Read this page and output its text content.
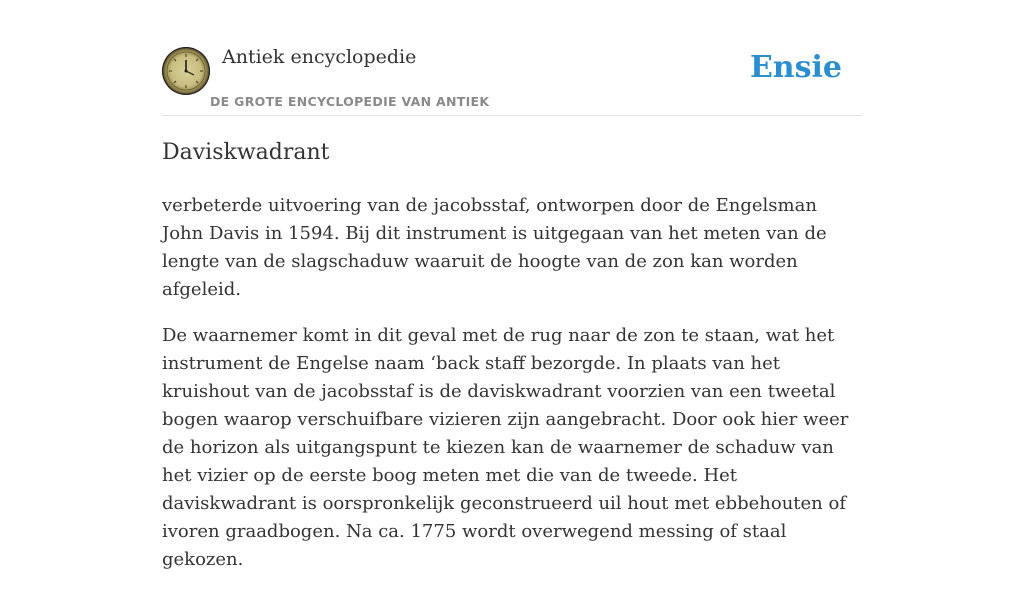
Antiek encyclopedie
DE GROTE ENCYCLOPEDIE VAN ANTIEK
Ensie
Daviskwadrant

verbeterde uitvoering van de jacobsstaf, ontworpen door de Engelsman John Davis in 1594. Bij dit instrument is uitgegaan van het meten van de lengte van de slagschaduw waaruit de hoogte van de zon kan worden afgeleid.

De waarnemer komt in dit geval met de rug naar de zon te staan, wat het instrument de Engelse naam ‘back staff bezorgde. In plaats van het kruishout van de jacobsstaf is de daviskwadrant voorzien van een tweetal bogen waarop verschuifbare vizieren zijn aangebracht. Door ook hier weer de horizon als uitgangspunt te kiezen kan de waarnemer de schaduw van het vizier op de eerste boog meten met die van de tweede. Het daviskwadrant is oorspronkelijk geconstrueerd uil hout met ebbehouten of ivoren graadbogen. Na ca. 1775 wordt overwegend messing of staal gekozen.
